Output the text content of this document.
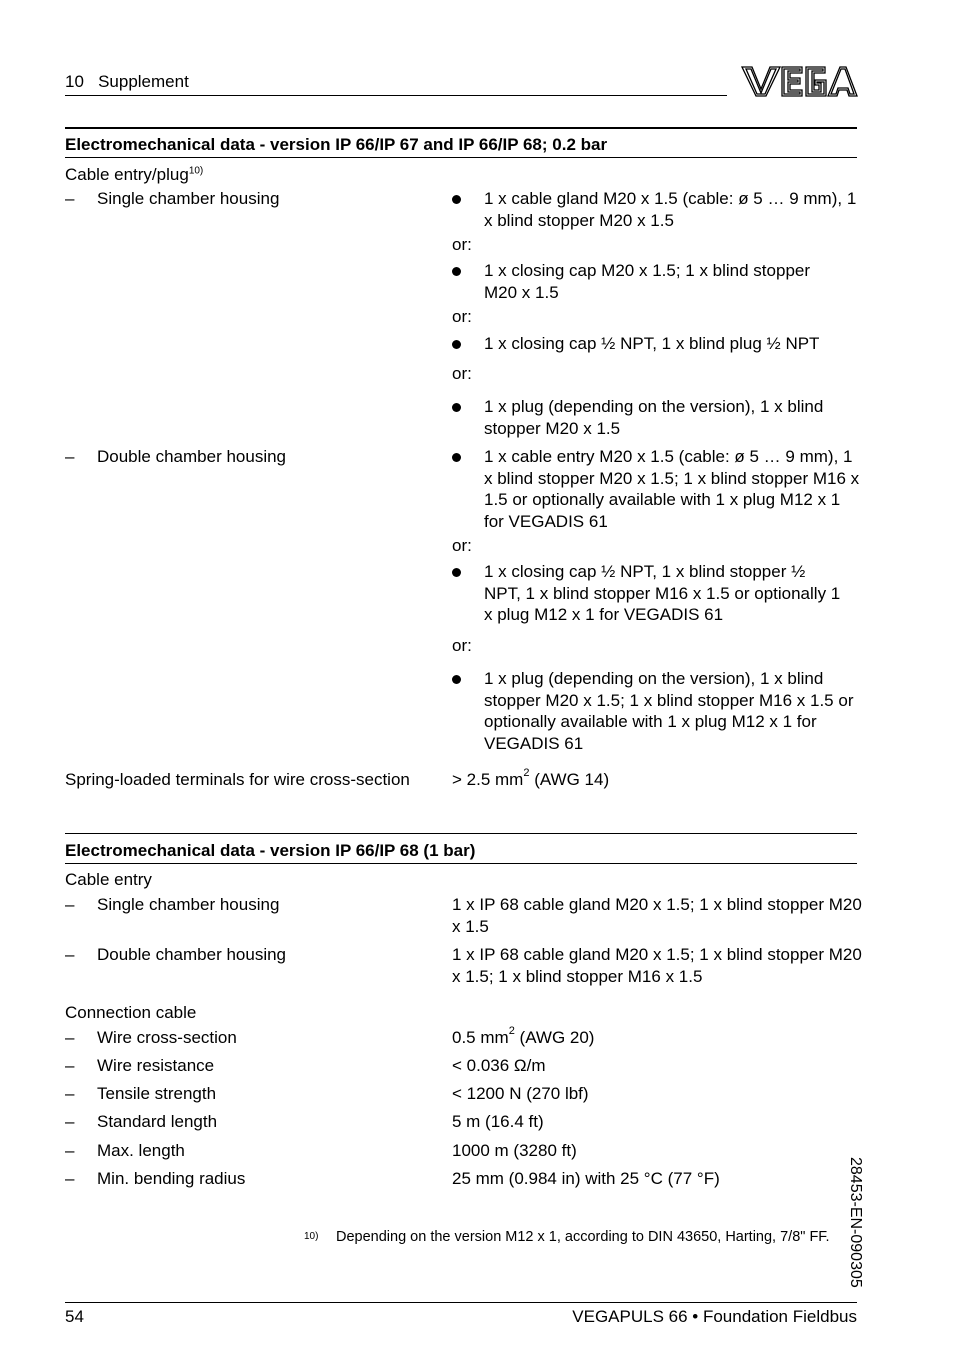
10   Supplement
Electromechanical data - version IP 66/IP 67 and IP 66/IP 68; 0.2 bar
Cable entry/plug$^{10)}$
– Single chamber housing	1 x cable gland M20 x 1.5 (cable: ø 5 … 9 mm), 1 x blind stopper M20 x 1.5
or:
1 x closing cap M20 x 1.5; 1 x blind stopper M20 x 1.5
or:
1 x closing cap ½ NPT, 1 x blind plug ½ NPT
or:
1 x plug (depending on the version), 1 x blind stopper M20 x 1.5
– Double chamber housing	1 x cable entry M20 x 1.5 (cable: ø 5 … 9 mm), 1 x blind stopper M20 x 1.5; 1 x blind stopper M16 x 1.5 or optionally available with 1 x plug M12 x 1 for VEGADIS 61
or:
1 x closing cap ½ NPT, 1 x blind stopper ½ NPT, 1 x blind stopper M16 x 1.5 or optionally 1 x plug M12 x 1 for VEGADIS 61
or:
1 x plug (depending on the version), 1 x blind stopper M20 x 1.5; 1 x blind stopper M16 x 1.5 or optionally available with 1 x plug M12 x 1 for VEGADIS 61
Spring-loaded terminals for wire cross-section	> 2.5 $mm^2$ (AWG 14)
Electromechanical data - version IP 66/IP 68 (1 bar)
Cable entry
– Single chamber housing	1 x IP 68 cable gland M20 x 1.5; 1 x blind stopper M20 x 1.5
– Double chamber housing	1 x IP 68 cable gland M20 x 1.5; 1 x blind stopper M20 x 1.5; 1 x blind stopper M16 x 1.5
Connection cable
– Wire cross-section	0.5 $mm^2$ (AWG 20)
– Wire resistance	< 0.036 Ω/m
– Tensile strength	< 1200 N (270 lbf)
– Standard length	5 m (16.4 ft)
– Max. length	1000 m (3280 ft)
– Min. bending radius	25 mm (0.984 in) with 25 °C (77 °F)
10) Depending on the version M12 x 1, according to DIN 43650, Harting, 7/8" FF.	28453-EN-090305
54	VEGAPULS 66 • Foundation Fieldbus
